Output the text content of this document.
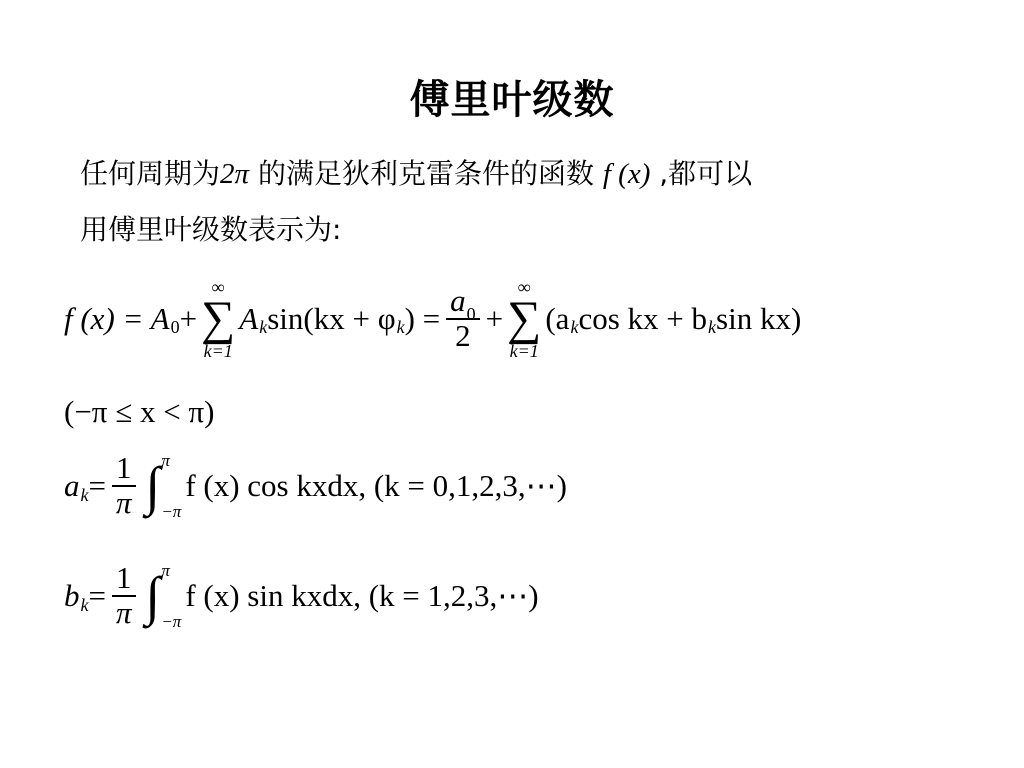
傅里叶级数
任何周期为2π 的满足狄利克雷条件的函数 f (x) ,都可以
用傅里叶级数表示为:
f (x) = A 0 +
∞
∑
k=1
A k sin(kx + φ k ) = $\frac{a_0}{2}$ +
∞
∑
k=1
(a k cos kx + b k sin kx)
(−π ≤ x < π)
a $k = \frac{1}{\pi}$ ∫ π
−π
f (x) cos kxdx, (k = 0,1,2,3,⋯)
b $k = \frac{1}{\pi}$ ∫ π
−π
f (x) sin kxdx, (k = 1,2,3,⋯)
